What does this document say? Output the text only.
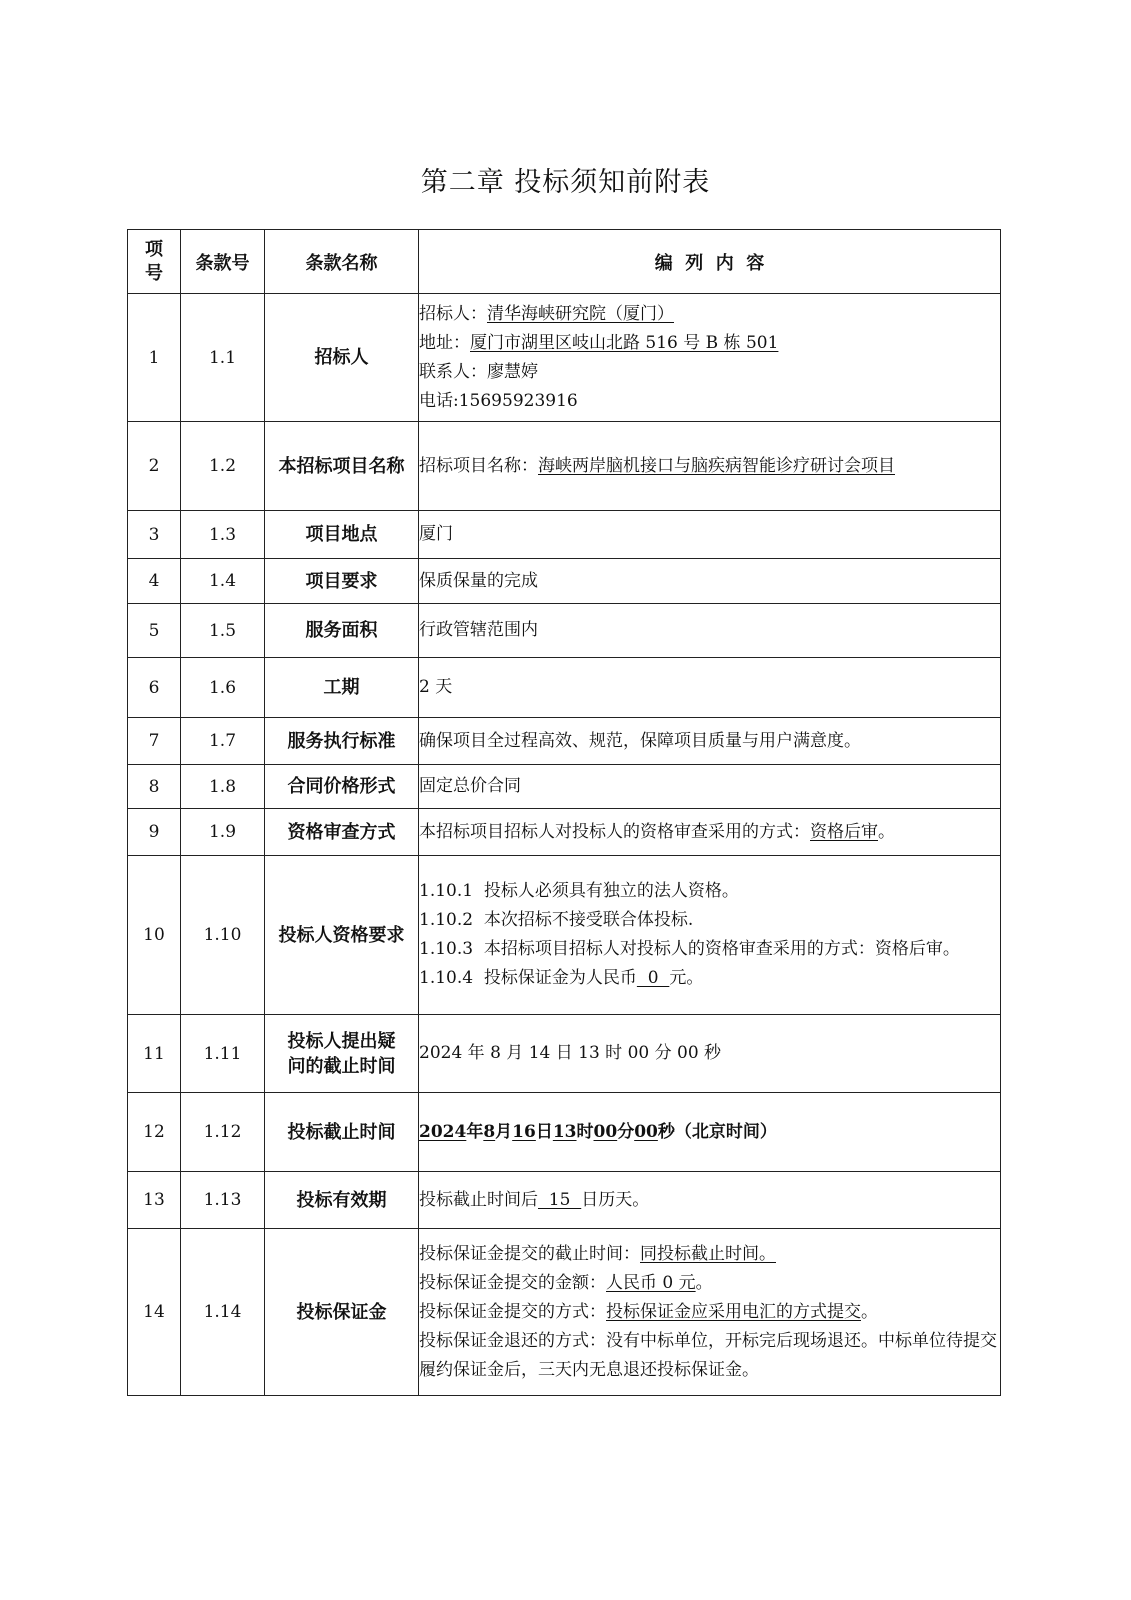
第二章 投标须知前附表
项
号	条款号	条款名称	编  列  内  容
1	1.1	招标人	招标人：清华海峡研究院（厦门）
地址：厦门市湖里区岐山北路 516 号 B 栋 501
联系人：廖慧婷
电话:15695923916

2	1.2	本招标项目名称	招标项目名称：海峡两岸脑机接口与脑疾病智能诊疗研讨会项目

3	1.3	项目地点	厦门
4	1.4	项目要求	保质保量的完成
5	1.5	服务面积	行政管辖范围内
6	1.6	工期	2 天
7	1.7	服务执行标准	确保项目全过程高效、规范，保障项目质量与用户满意度。
8	1.8	合同价格形式	固定总价合同
9	1.9	资格审查方式	本招标项目招标人对投标人的资格审查采用的方式：资格后审。

10	1.10	投标人资格要求	1.10.1  投标人必须具有独立的法人资格。
1.10.2  本次招标不接受联合体投标.
1.10.3  本招标项目招标人对投标人的资格审查采用的方式：资格后审。
1.10.4  投标保证金为人民币  0  元。

11	1.11	投标人提出疑问的截止时间	2024 年 8 月 14 日 13 时 00 分 00 秒
12	1.12	投标截止时间	2024年8月16日13时00分00秒（北京时间）

13	1.13	投标有效期	投标截止时间后  15  日历天。

14	1.14	投标保证金	投标保证金提交的截止时间：同投标截止时间。
投标保证金提交的金额：人民币 0 元。
投标保证金提交的方式：投标保证金应采用电汇的方式提交。
投标保证金退还的方式：没有中标单位，开标完后现场退还。中标单位待提交履约保证金后，三天内无息退还投标保证金。
